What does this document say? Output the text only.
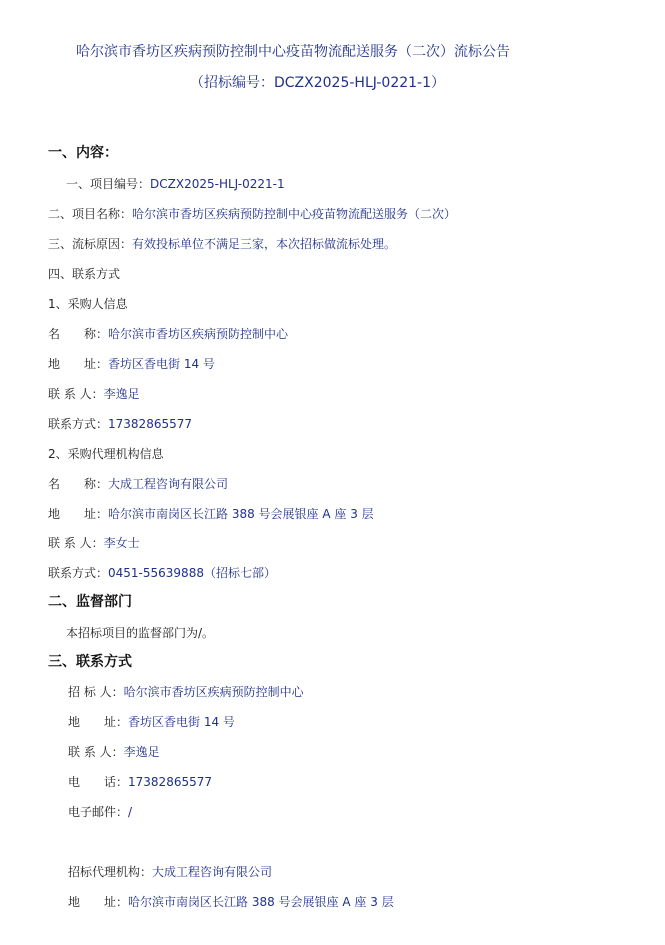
哈尔滨市香坊区疾病预防控制中心疫苗物流配送服务（二次）流标公告
（招标编号：DCZX2025-HLJ-0221-1）
一、内容：
一、项目编号：DCZX2025-HLJ-0221-1
二、项目名称：哈尔滨市香坊区疾病预防控制中心疫苗物流配送服务（二次）
三、流标原因：有效投标单位不满足三家，本次招标做流标处理。
四、联系方式
1、采购人信息
名　　称：哈尔滨市香坊区疾病预防控制中心
地　　址：香坊区香电街 14 号
联 系 人：李逸足
联系方式：17382865577
2、采购代理机构信息
名　　称：大成工程咨询有限公司
地　　址：哈尔滨市南岗区长江路 388 号会展银座 A 座 3 层
联 系 人：李女士
联系方式：0451-55639888（招标七部）
二、监督部门
本招标项目的监督部门为/。
三、联系方式
招 标 人：哈尔滨市香坊区疾病预防控制中心
地　　址：香坊区香电街 14 号
联 系 人：李逸足
电　　话：17382865577
电子邮件：/
招标代理机构：大成工程咨询有限公司
地　　址：哈尔滨市南岗区长江路 388 号会展银座 A 座 3 层
